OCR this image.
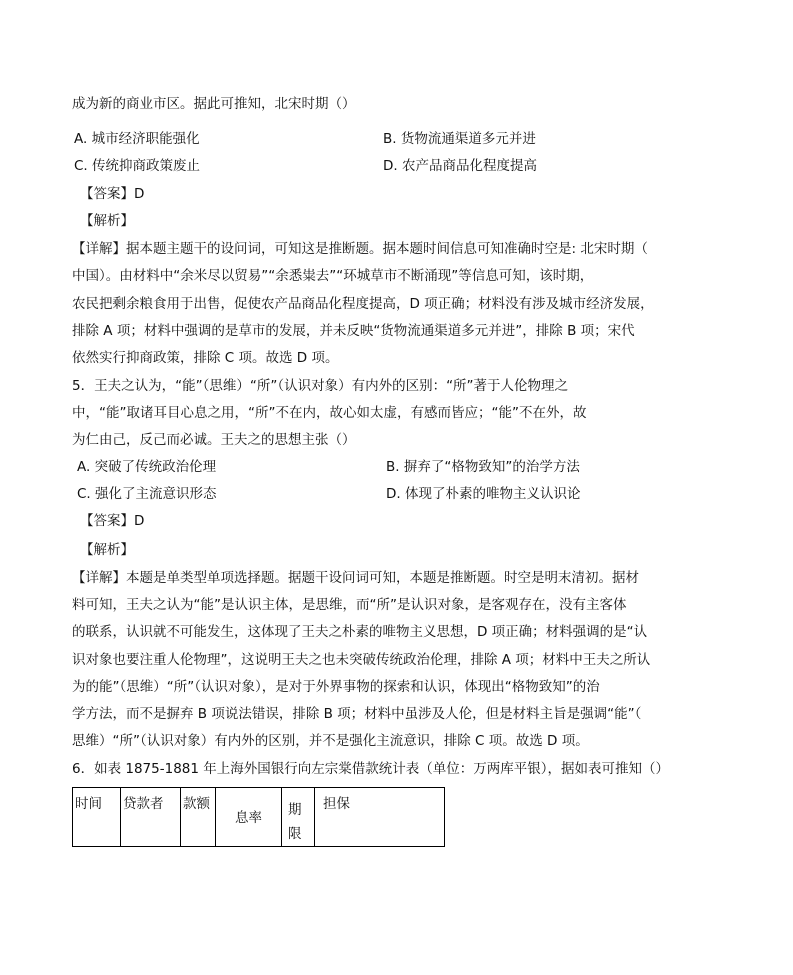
成为新的商业市区。据此可推知，北宋时期（）
A. 城市经济职能强化	B. 货物流通渠道多元并进
C. 传统抑商政策废止	D. 农产品商品化程度提高
【答案】D
【解析】
【详解】据本题主题干的设问词，可知这是推断题。据本题时间信息可知准确时空是: 北宋时期（
中国）。由材料中“余米尽以贸易”“余悉粜去”“环城草市不断涌现”等信息可知，该时期，
农民把剩余粮食用于出售，促使农产品商品化程度提高，D 项正确；材料没有涉及城市经济发展，
排除 A 项；材料中强调的是草市的发展，并未反映“货物流通渠道多元并进”，排除 B 项；宋代
依然实行抑商政策，排除 C 项。故选 D 项。
5．王夫之认为，“能”（思维）“所”（认识对象）有内外的区别：“所”著于人伦物理之
中，“能”取诸耳目心息之用，“所”不在内，故心如太虚，有感而皆应；“能”不在外，故
为仁由己，反己而必诚。王夫之的思想主张（）
A. 突破了传统政治伦理	B. 摒弃了“格物致知”的治学方法
C. 强化了主流意识形态	D. 体现了朴素的唯物主义认识论
【答案】D
【解析】
【详解】本题是单类型单项选择题。据题干设问词可知，本题是推断题。时空是明末清初。据材
料可知，王夫之认为“能”是认识主体，是思维，而“所”是认识对象，是客观存在，没有主客体
的联系，认识就不可能发生，这体现了王夫之朴素的唯物主义思想，D 项正确；材料强调的是“认
识对象也要注重人伦物理”，这说明王夫之也未突破传统政治伦理，排除 A 项；材料中王夫之所认
为的能”（思维）“所”（认识对象），是对于外界事物的探索和认识，体现出“格物致知”的治
学方法，而不是摒弃 B 项说法错误，排除 B 项；材料中虽涉及人伦，但是材料主旨是强调“能”（
思维）“所”（认识对象）有内外的区别，并不是强化主流意识，排除 C 项。故选 D 项。
6．如表 1875-1881 年上海外国银行向左宗棠借款统计表（单位：万两库平银），据如表可推知（）
时间	贷款者	款额	息率	期限	担保
